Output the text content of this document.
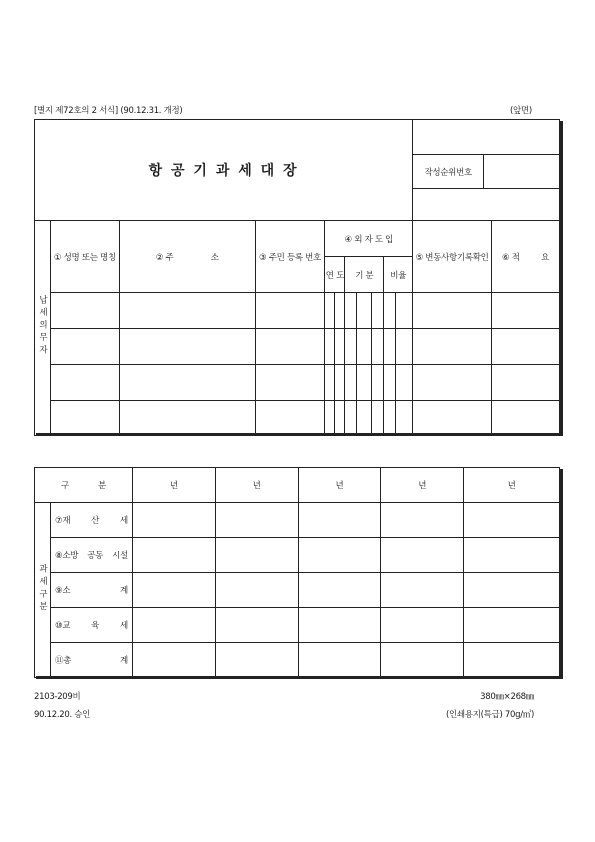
[별지 제72호의 2 서식] (90.12.31. 개정)	(앞면)
항 공 기 과 세 대 장											작성순위번호	

납세의무자	① 성명 또는 명칭	② 주 소	③ 주민 등록 번호	④ 외 자 도 입							⑤ 변동사항기록확인	⑥ 적 요

				연 도		기 분			비율			

구 분		년	년	년	년	년
과세구분	⑦재 산 세					

	⑧소방 공동 시설					

	⑨소 계					

	⑩교 육 세					

	⑪총 계					

2103-209비
90.12.20. 승인
380㎜×268㎜
(인쇄용지(특급) 70g/㎡)
